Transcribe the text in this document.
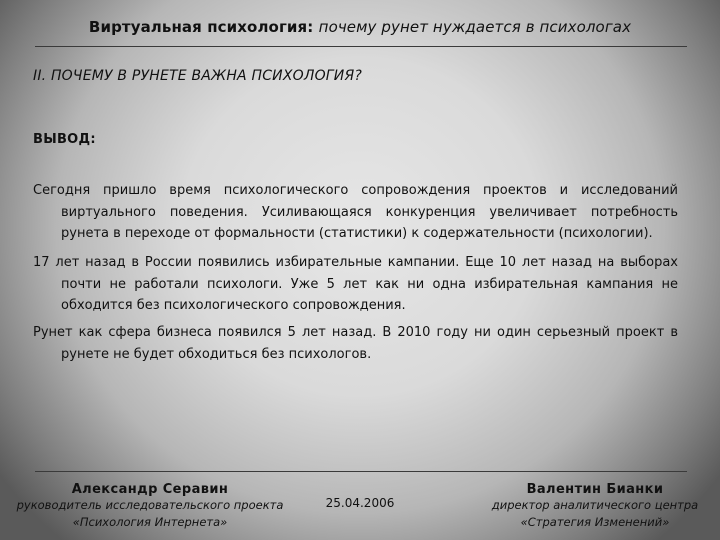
Виртуальная психология: почему рунет нуждается в психологах
II. ПОЧЕМУ В РУНЕТЕ ВАЖНА ПСИХОЛОГИЯ?
ВЫВОД:
Сегодня пришло время психологического сопровождения проектов и исследований виртуального поведения. Усиливающаяся конкуренция увеличивает потребность рунета в переходе от формальности (статистики) к содержательности (психологии).
17 лет назад в России появились избирательные кампании. Еще 10 лет назад на выборах почти не работали психологи. Уже 5 лет как ни одна избирательная кампания не обходится без психологического сопровождения.
Рунет как сфера бизнеса появился 5 лет назад. В 2010 году ни один серьезный проект в рунете не будет обходиться без психологов.
Александр Серавин
руководитель исследовательского проекта
«Психология Интернета»
25.04.2006
Валентин Бианки
директор аналитического центра
«Стратегия Изменений»
